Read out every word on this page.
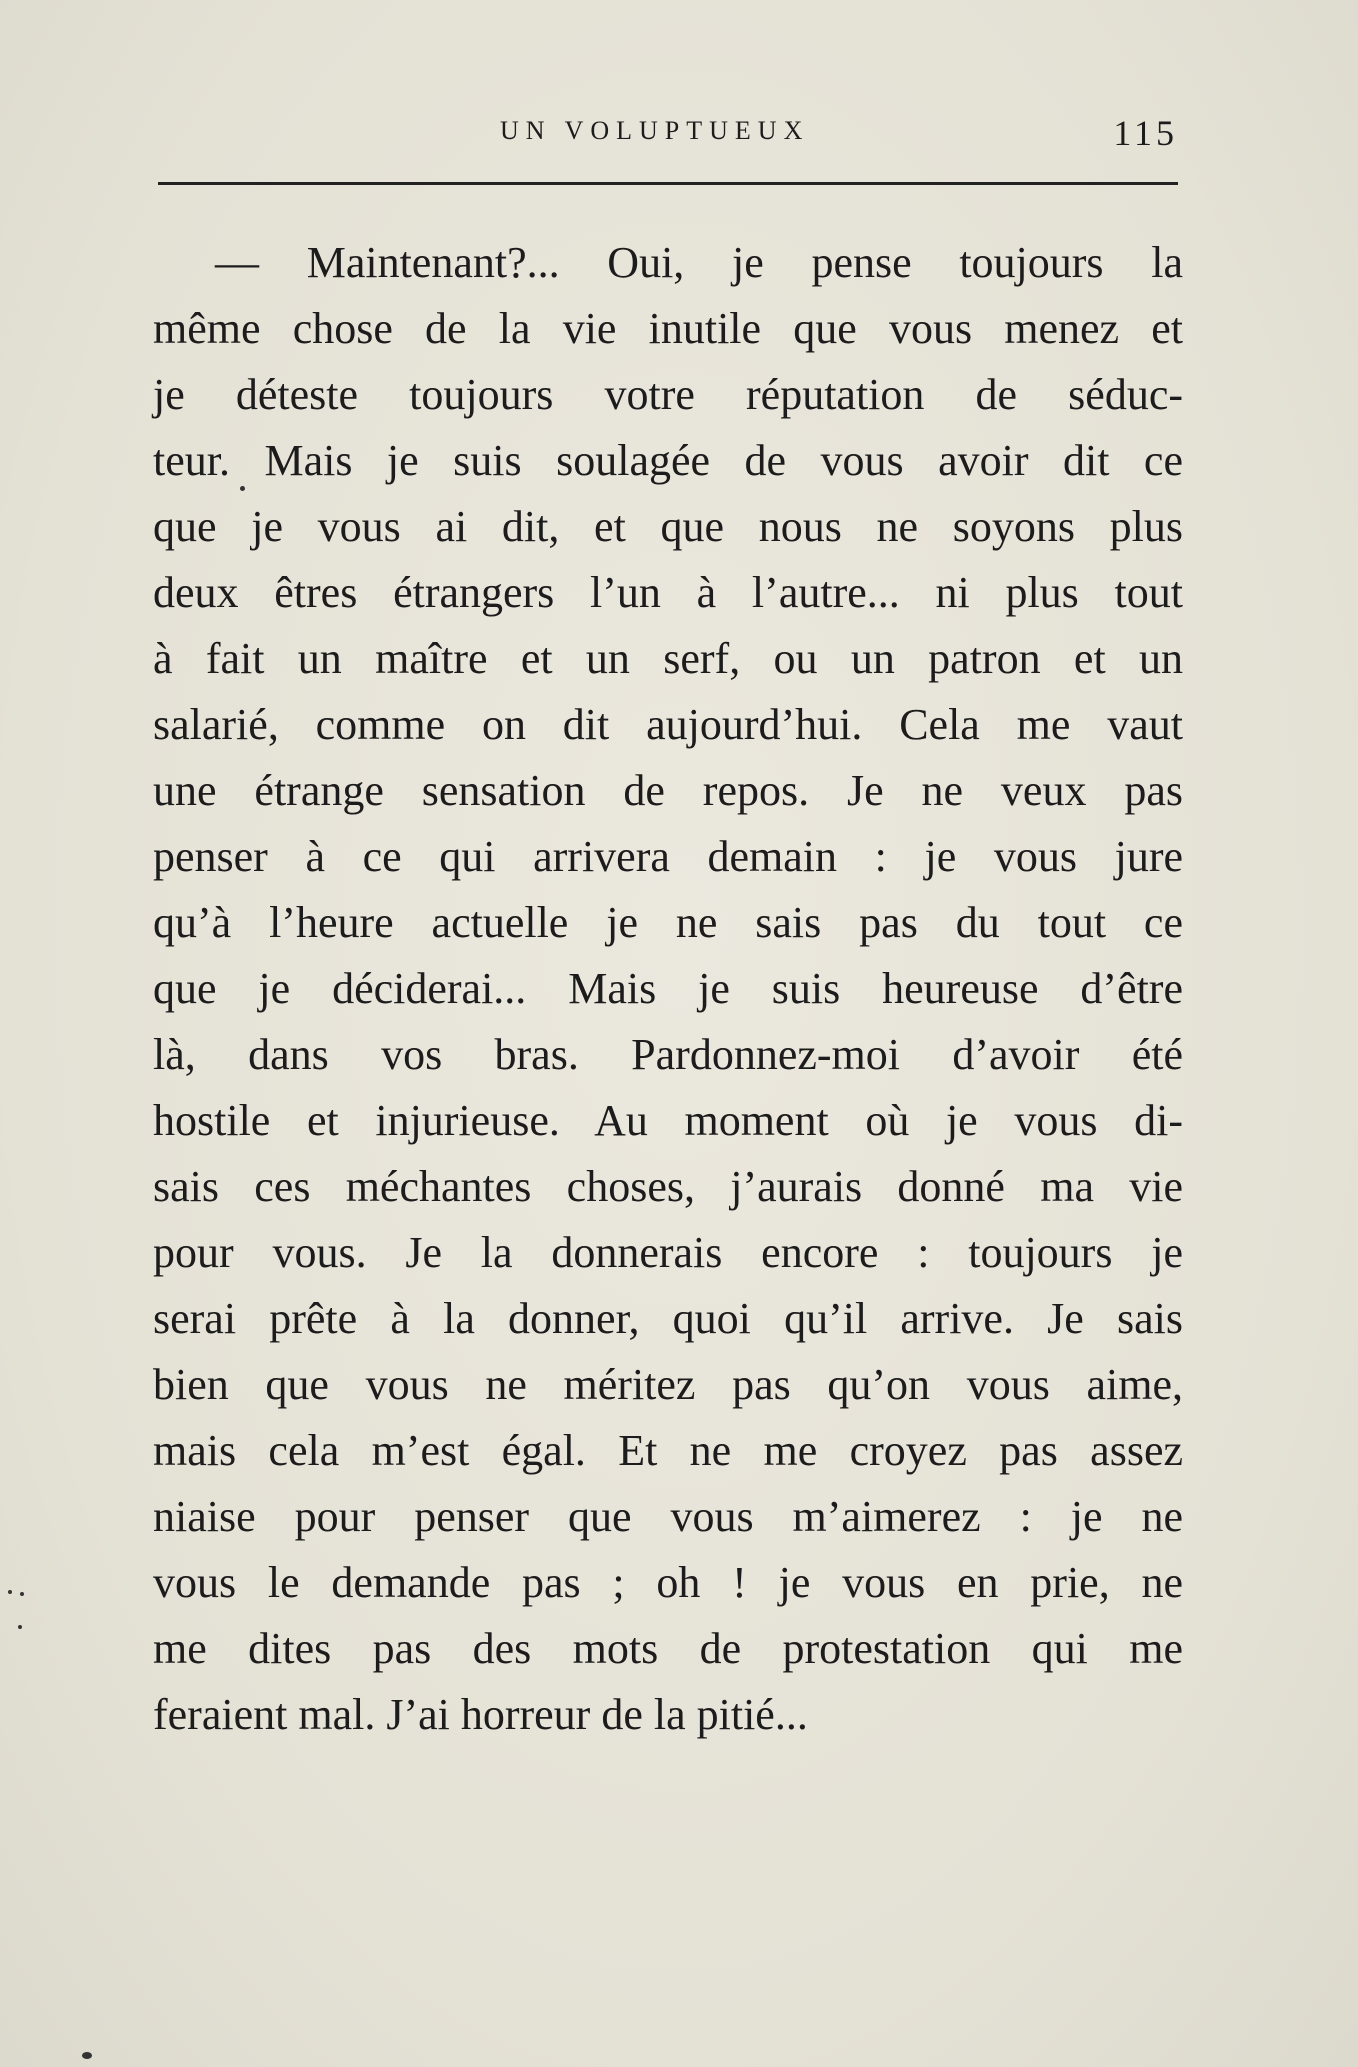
UN VOLUPTUEUX	115
— Maintenant?... Oui, je pense toujours la
même chose de la vie inutile que vous menez et
je déteste toujours votre réputation de séduc-
teur. Mais je suis soulagée de vous avoir dit ce
que je vous ai dit, et que nous ne soyons plus
deux êtres étrangers l’un à l’autre... ni plus tout
à fait un maître et un serf, ou un patron et un
salarié, comme on dit aujourd’hui. Cela me vaut
une étrange sensation de repos. Je ne veux pas
penser à ce qui arrivera demain : je vous jure
qu’à l’heure actuelle je ne sais pas du tout ce
que je déciderai... Mais je suis heureuse d’être
là, dans vos bras. Pardonnez-moi d’avoir été
hostile et injurieuse. Au moment où je vous di-
sais ces méchantes choses, j’aurais donné ma vie
pour vous. Je la donnerais encore : toujours je
serai prête à la donner, quoi qu’il arrive. Je sais
bien que vous ne méritez pas qu’on vous aime,
mais cela m’est égal. Et ne me croyez pas assez
niaise pour penser que vous m’aimerez : je ne
vous le demande pas ; oh ! je vous en prie, ne
me dites pas des mots de protestation qui me
feraient mal. J’ai horreur de la pitié...
